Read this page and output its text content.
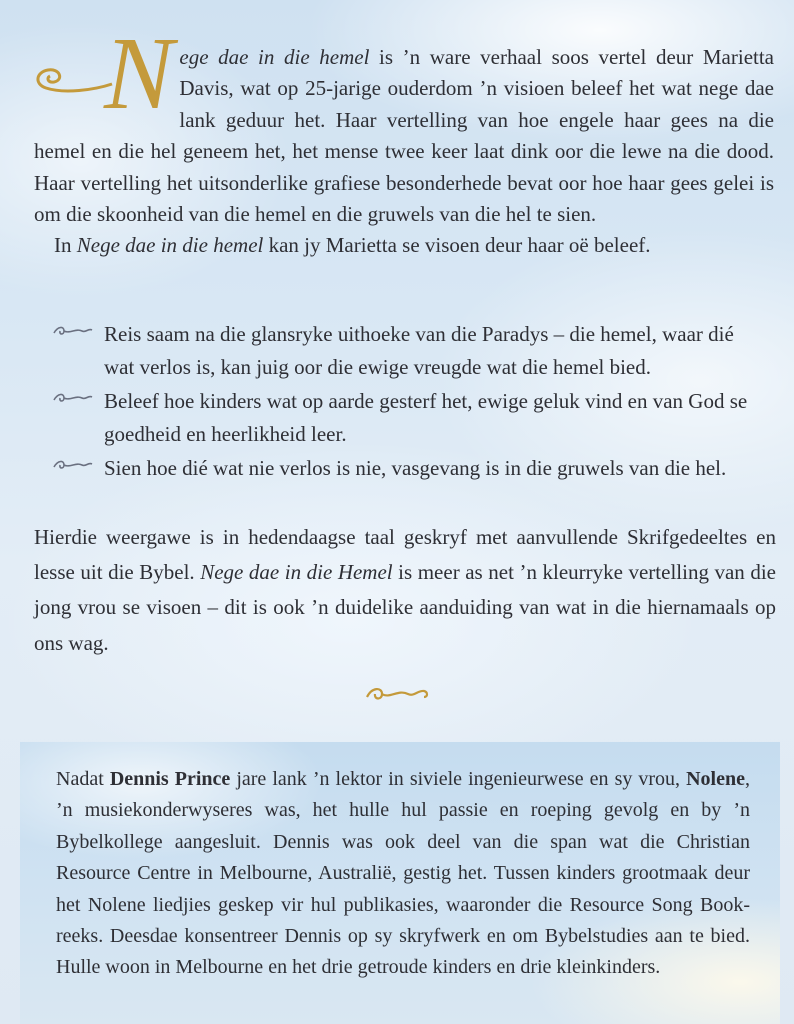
Nege dae in die hemel is ’n ware verhaal soos vertel deur Marietta Davis, wat op 25-jarige ouderdom ’n visioen beleef het wat nege dae lank geduur het. Haar vertelling van hoe engele haar gees na die hemel en die hel geneem het, het mense twee keer laat dink oor die lewe na die dood. Haar vertelling het uitsonderlike grafiese besonderhede bevat oor hoe haar gees gelei is om die skoonheid van die hemel en die gruwels van die hel te sien.

In Nege dae in die hemel kan jy Marietta se visoen deur haar oë beleef.

Reis saam na die glansryke uithoeke van die Paradys – die hemel, waar dié wat verlos is, kan juig oor die ewige vreugde wat die hemel bied.
Beleef hoe kinders wat op aarde gesterf het, ewige geluk vind en van God se goedheid en heerlikheid leer.
Sien hoe dié wat nie verlos is nie, vasgevang is in die gruwels van die hel.

Hierdie weergawe is in hedendaagse taal geskryf met aanvullende Skrifgedeeltes en lesse uit die Bybel. Nege dae in die Hemel is meer as net ’n kleurryke vertelling van die jong vrou se visoen – dit is ook ’n duidelike aanduiding van wat in die hiernamaals op ons wag.

Nadat Dennis Prince jare lank ’n lektor in siviele ingenieurwese en sy vrou, Nolene, ’n musiekonderwyseres was, het hulle hul passie en roeping gevolg en by ’n Bybelkollege aangesluit. Dennis was ook deel van die span wat die Christian Resource Centre in Melbourne, Australië, gestig het. Tussen kinders grootmaak deur het Nolene liedjies geskep vir hul publikasies, waaronder die Resource Song Book-reeks. Deesdae konsentreer Dennis op sy skryfwerk en om Bybelstudies aan te bied. Hulle woon in Melbourne en het drie getroude kinders en drie kleinkinders.
